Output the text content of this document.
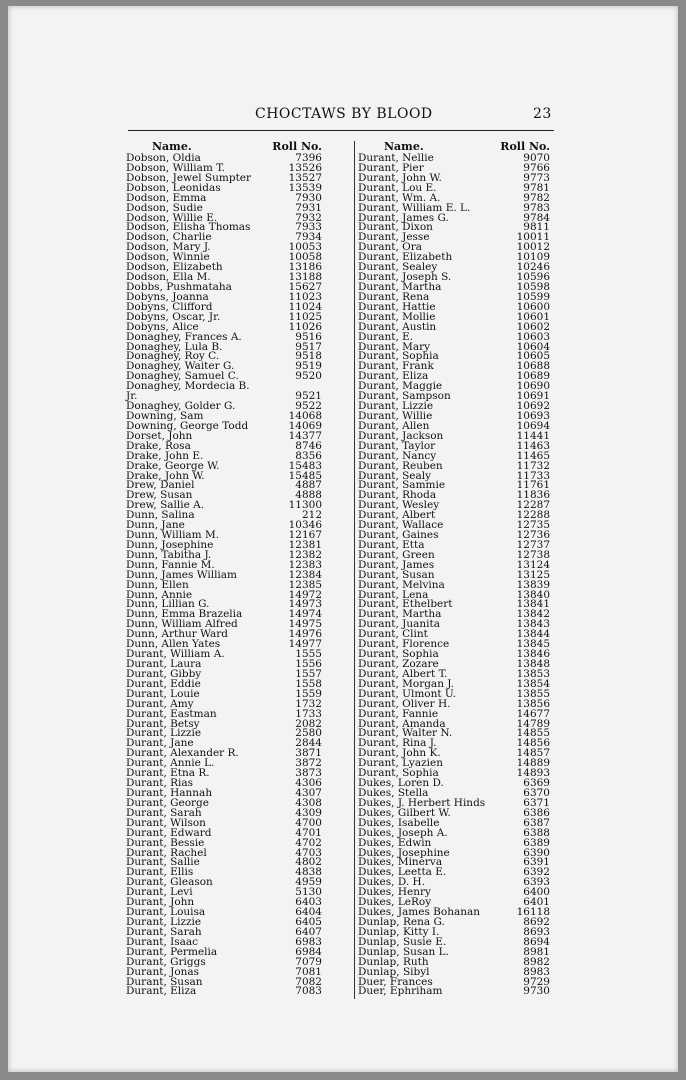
CHOCTAWS BY BLOOD	23
Name.	Roll No.
Dobson, Oldia	7396
Dobson, William T.	13526
Dobson, Jewel Sumpter	13527
Dobson, Leonidas	13539
Dodson, Emma	7930
Dodson, Sudie	7931
Dodson, Willie E.	7932
Dodson, Elisha Thomas	7933
Dodson, Charlie	7934
Dodson, Mary J.	10053
Dodson, Winnie	10058
Dodson, Elizabeth	13186
Dodson, Ella M.	13188
Dobbs, Pushmataha	15627
Dobyns, Joanna	11023
Dobyns, Clifford	11024
Dobyns, Oscar, Jr.	11025
Dobyns, Alice	11026
Donaghey, Frances A.	9516
Donaghey, Lula B.	9517
Donaghey, Roy C.	9518
Donaghey, Waiter G.	9519
Donaghey, Samuel C.	9520
Donaghey, Mordecia B.
Jr.	9521
Donaghey, Golder G.	9522
Downing, Sam	14068
Downing, George Todd	14069
Dorset, John	14377
Drake, Rosa	8746
Drake, John E.	8356
Drake, George W.	15483
Drake, John W.	15485
Drew, Daniel	4887
Drew, Susan	4888
Drew, Sallie A.	11300
Dunn, Salina	212
Dunn, Jane	10346
Dunn, William M.	12167
Dunn, Josephine	12381
Dunn, Tabitha J.	12382
Dunn, Fannie M.	12383
Dunn, James William	12384
Dunn, Ellen	12385
Dunn, Annie	14972
Dunn, Lillian G.	14973
Dunn, Emma Brazelia	14974
Dunn, William Alfred	14975
Dunn, Arthur Ward	14976
Dunn, Allen Yates	14977
Durant, William A.	1555
Durant, Laura	1556
Durant, Gibby	1557
Durant, Eddie	1558
Durant, Louie	1559
Durant, Amy	1732
Durant, Eastman	1733
Durant, Betsy	2082
Durant, Lizzie	2580
Durant, Jane	2844
Durant, Alexander R.	3871
Durant, Annie L.	3872
Durant, Etna R.	3873
Durant, Rias	4306
Durant, Hannah	4307
Durant, George	4308
Durant, Sarah	4309
Durant, Wilson	4700
Durant, Edward	4701
Durant, Bessie	4702
Durant, Rachel	4703
Durant, Sallie	4802
Durant, Ellis	4838
Durant, Gleason	4959
Durant, Levi	5130
Durant, John	6403
Durant, Louisa	6404
Durant, Lizzie	6405
Durant, Sarah	6407
Durant, Isaac	6983
Durant, Permelia	6984
Durant, Griggs	7079
Durant, Jonas	7081
Durant, Susan	7082
Durant, Eliza	7083
Name.	Roll No.
Durant, Nellie	9070
Durant, Pier	9766
Durant, John W.	9773
Durant, Lou E.	9781
Durant, Wm. A.	9782
Durant, William E. L.	9783
Durant, James G.	9784
Durant, Dixon	9811
Durant, Jesse	10011
Durant, Ora	10012
Durant, Elizabeth	10109
Durant, Sealey	10246
Durant, Joseph S.	10596
Durant, Martha	10598
Durant, Rena	10599
Durant, Hattie	10600
Durant, Mollie	10601
Durant, Austin	10602
Durant, E.	10603
Durant, Mary	10604
Durant, Sophia	10605
Durant, Frank	10688
Durant, Eliza	10689
Durant, Maggie	10690
Durant, Sampson	10691
Durant, Lizzie	10692
Durant, Willie	10693
Durant, Allen	10694
Durant, Jackson	11441
Durant, Taylor	11463
Durant, Nancy	11465
Durant, Reuben	11732
Durant, Sealy	11733
Durant, Sammie	11761
Durant, Rhoda	11836
Durant, Wesley	12287
Durant, Albert	12288
Durant, Wallace	12735
Durant, Gaines	12736
Durant, Etta	12737
Durant, Green	12738
Durant, James	13124
Durant, Susan	13125
Durant, Melvina	13839
Durant, Lena	13840
Durant, Ethelbert	13841
Durant, Martha	13842
Durant, Juanita	13843
Durant, Clint	13844
Durant, Florence	13845
Durant, Sophia	13846
Durant, Zozare	13848
Durant, Albert T.	13853
Durant, Morgan J.	13854
Durant, Ulmont U.	13855
Durant, Oliver H.	13856
Durant, Fannie	14677
Durant, Amanda	14789
Durant, Walter N.	14855
Durant, Rina J.	14856
Durant, John K.	14857
Durant, Lyazien	14889
Durant, Sophia	14893
Dukes, Loren D.	6369
Dukes, Stella	6370
Dukes, J. Herbert Hinds	6371
Dukes, Gilbert W.	6386
Dukes, Isabelle	6387
Dukes, Joseph A.	6388
Dukes, Edwin	6389
Dukes, Josephine	6390
Dukes, Minerva	6391
Dukes, Leetta E.	6392
Dukes, D. H.	6393
Dukes, Henry	6400
Dukes, LeRoy	6401
Dukes, James Bohanan	16118
Dunlap, Rena G.	8692
Dunlap, Kitty I.	8693
Dunlap, Susie E.	8694
Dunlap, Susan L.	8981
Dunlap, Ruth	8982
Dunlap, Sibyl	8983
Duer, Frances	9729
Duer, Ephriham	9730
